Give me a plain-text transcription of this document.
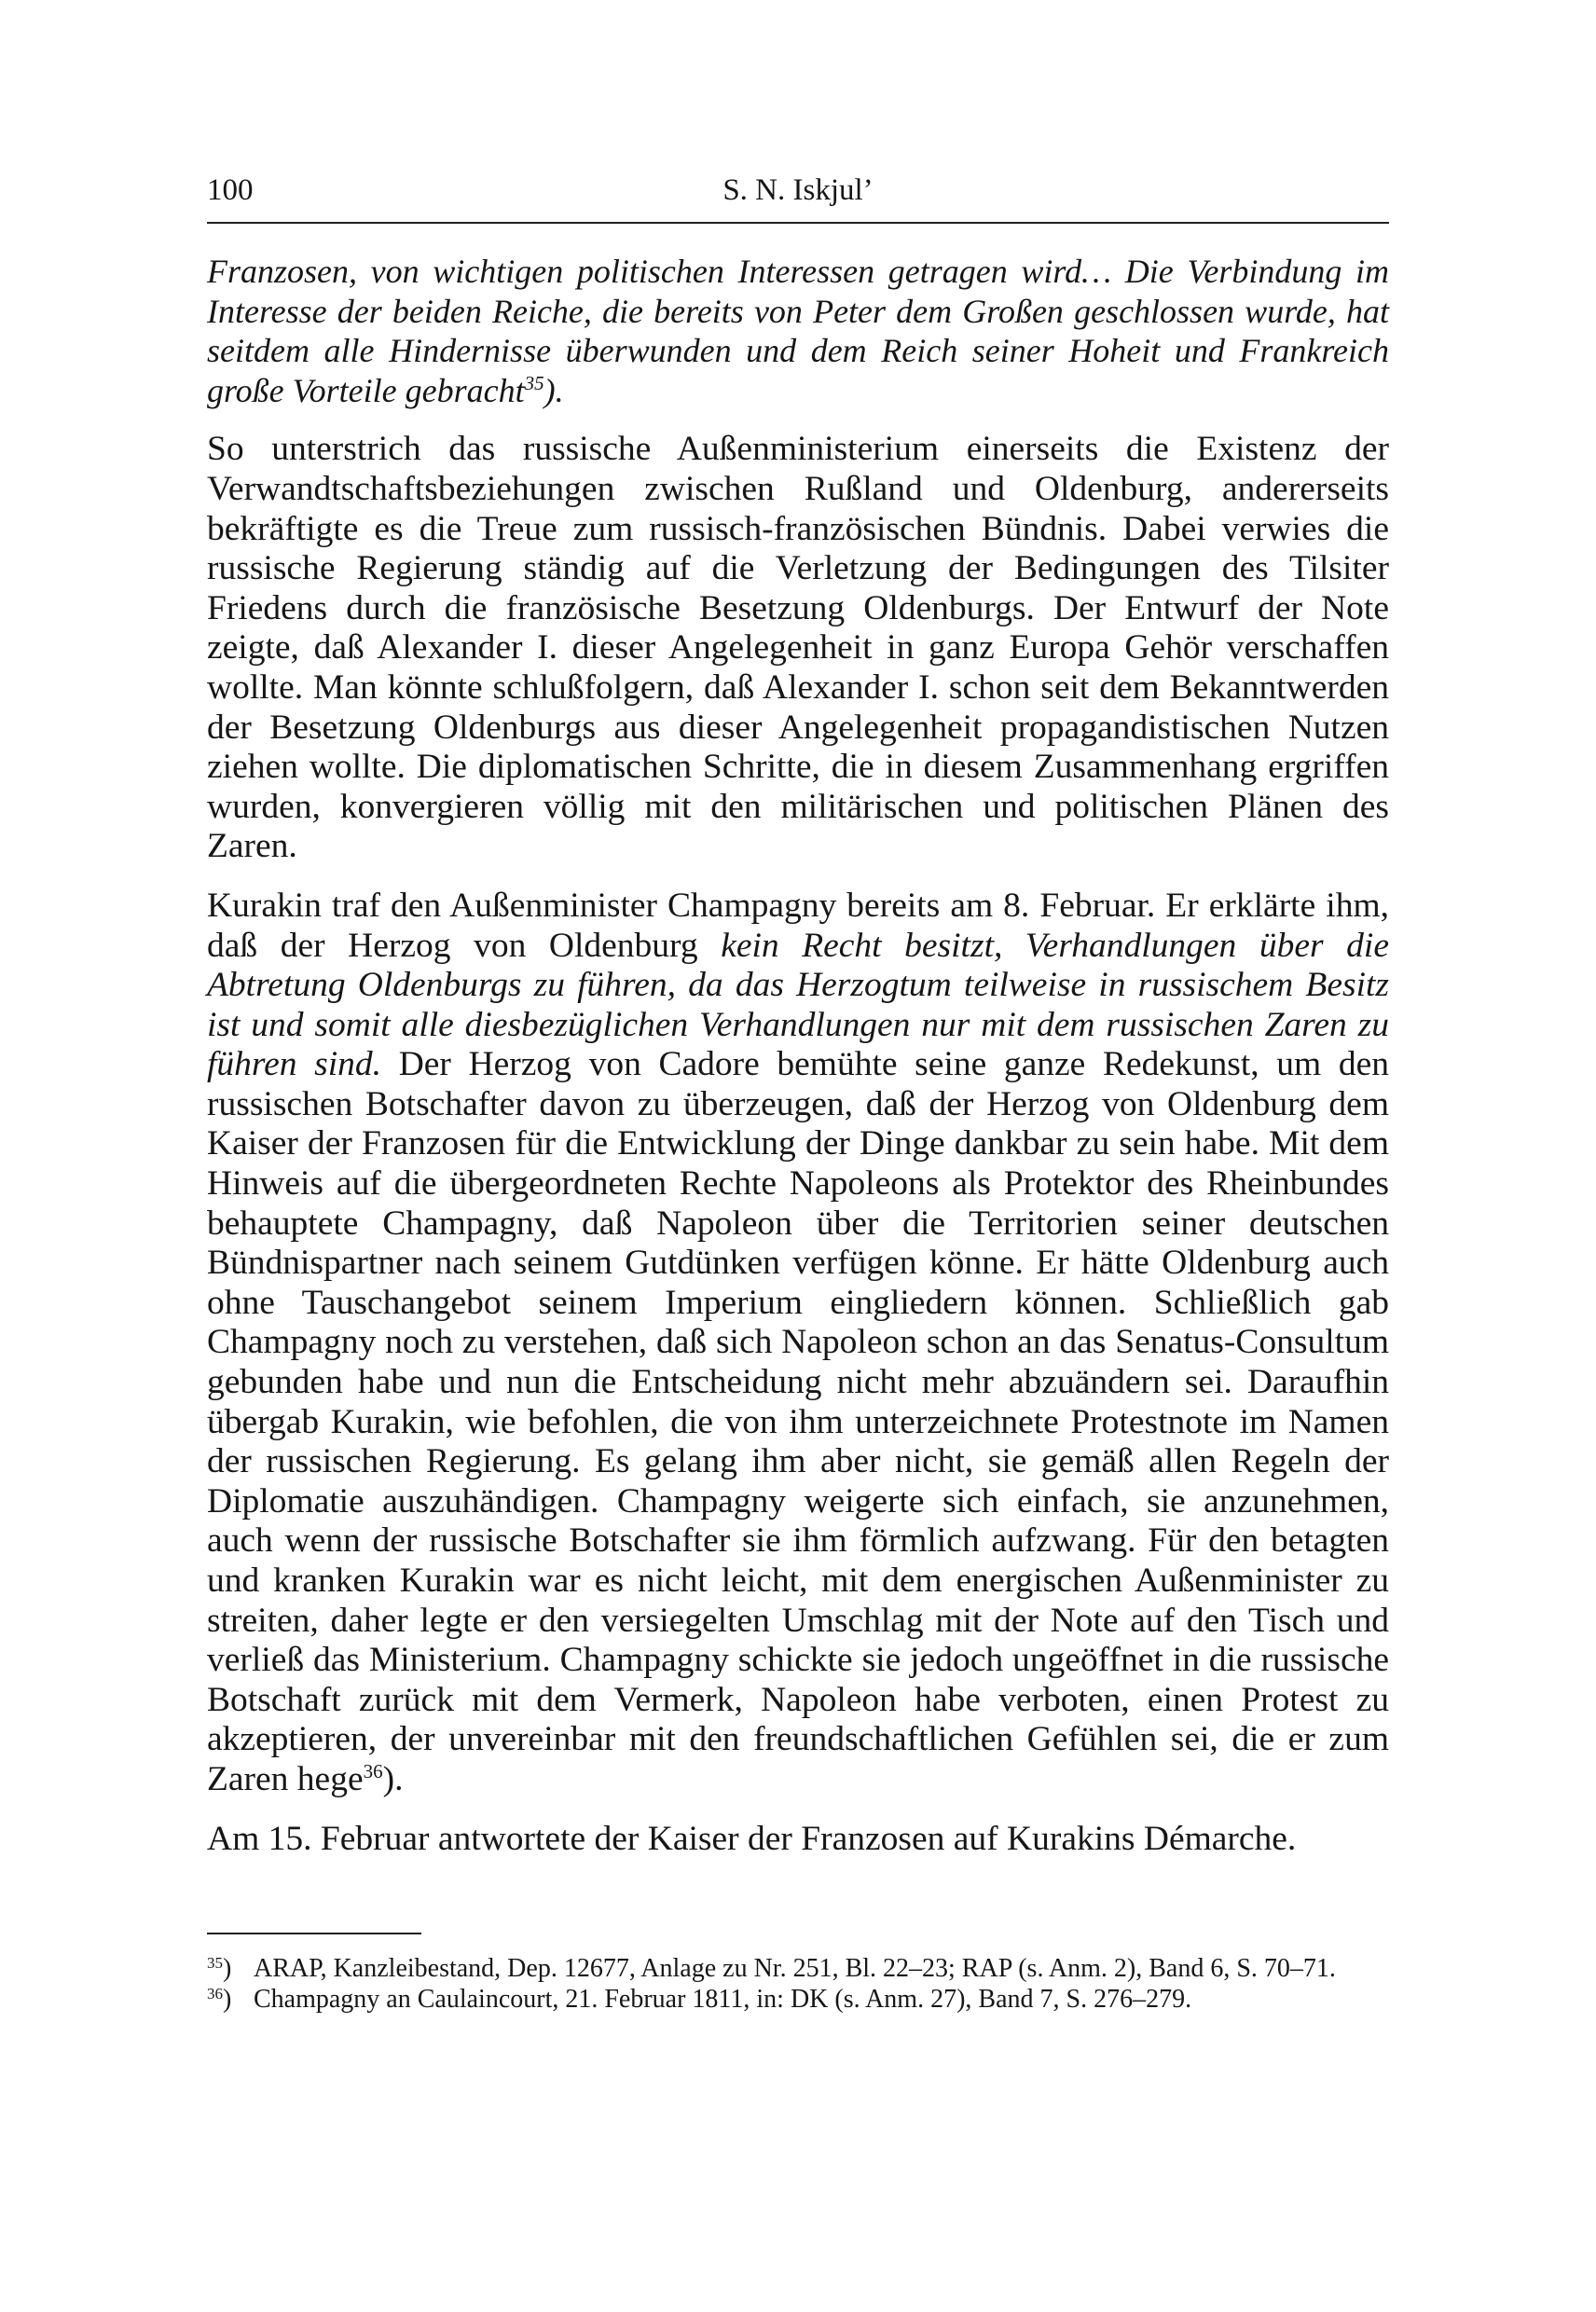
100	S. N. Iskjul’

Franzosen, von wichtigen politischen Interessen getragen wird… Die Verbindung im Interesse der beiden Reiche, die bereits von Peter dem Großen geschlossen wurde, hat seitdem alle Hindernisse überwunden und dem Reich seiner Hoheit und Frankreich große Vorteile gebracht$^{35}$).

So unterstrich das russische Außenministerium einerseits die Existenz der Verwandtschaftsbeziehungen zwischen Rußland und Oldenburg, andererseits bekräftigte es die Treue zum russisch-französischen Bündnis. Dabei verwies die russische Regierung ständig auf die Verletzung der Bedingungen des Tilsiter Friedens durch die französische Besetzung Oldenburgs. Der Entwurf der Note zeigte, daß Alexander I. dieser Angelegenheit in ganz Europa Gehör verschaffen wollte. Man könnte schlußfolgern, daß Alexander I. schon seit dem Bekanntwerden der Besetzung Oldenburgs aus dieser Angelegenheit propagandistischen Nutzen ziehen wollte. Die diplomatischen Schritte, die in diesem Zusammenhang ergriffen wurden, konvergieren völlig mit den militärischen und politischen Plänen des Zaren.

Kurakin traf den Außenminister Champagny bereits am 8. Februar. Er erklärte ihm, daß der Herzog von Oldenburg kein Recht besitzt, Verhandlungen über die Abtretung Oldenburgs zu führen, da das Herzogtum teilweise in russischem Besitz ist und somit alle diesbezüglichen Verhandlungen nur mit dem russischen Zaren zu führen sind. Der Herzog von Cadore bemühte seine ganze Redekunst, um den russischen Botschafter davon zu überzeugen, daß der Herzog von Oldenburg dem Kaiser der Franzosen für die Entwicklung der Dinge dankbar zu sein habe. Mit dem Hinweis auf die übergeordneten Rechte Napoleons als Protektor des Rheinbundes behauptete Champagny, daß Napoleon über die Territorien seiner deutschen Bündnispartner nach seinem Gutdünken verfügen könne. Er hätte Oldenburg auch ohne Tauschangebot seinem Imperium eingliedern können. Schließlich gab Champagny noch zu verstehen, daß sich Napoleon schon an das Senatus-Consultum gebunden habe und nun die Entscheidung nicht mehr abzuändern sei. Daraufhin übergab Kurakin, wie befohlen, die von ihm unterzeichnete Protestnote im Namen der russischen Regierung. Es gelang ihm aber nicht, sie gemäß allen Regeln der Diplomatie auszuhändigen. Champagny weigerte sich einfach, sie anzunehmen, auch wenn der russische Botschafter sie ihm förmlich aufzwang. Für den betagten und kranken Kurakin war es nicht leicht, mit dem energischen Außenminister zu streiten, daher legte er den versiegelten Umschlag mit der Note auf den Tisch und verließ das Ministerium. Champagny schickte sie jedoch ungeöffnet in die russische Botschaft zurück mit dem Vermerk, Napoleon habe verboten, einen Protest zu akzeptieren, der unvereinbar mit den freundschaftlichen Gefühlen sei, die er zum Zaren hege$^{36}$).

Am 15. Februar antwortete der Kaiser der Franzosen auf Kurakins Démarche.

$^{35}$) ARAP, Kanzleibestand, Dep. 12677, Anlage zu Nr. 251, Bl. 22–23; RAP (s. Anm. 2), Band 6, S. 70–71.
$^{36}$) Champagny an Caulaincourt, 21. Februar 1811, in: DK (s. Anm. 27), Band 7, S. 276–279.
